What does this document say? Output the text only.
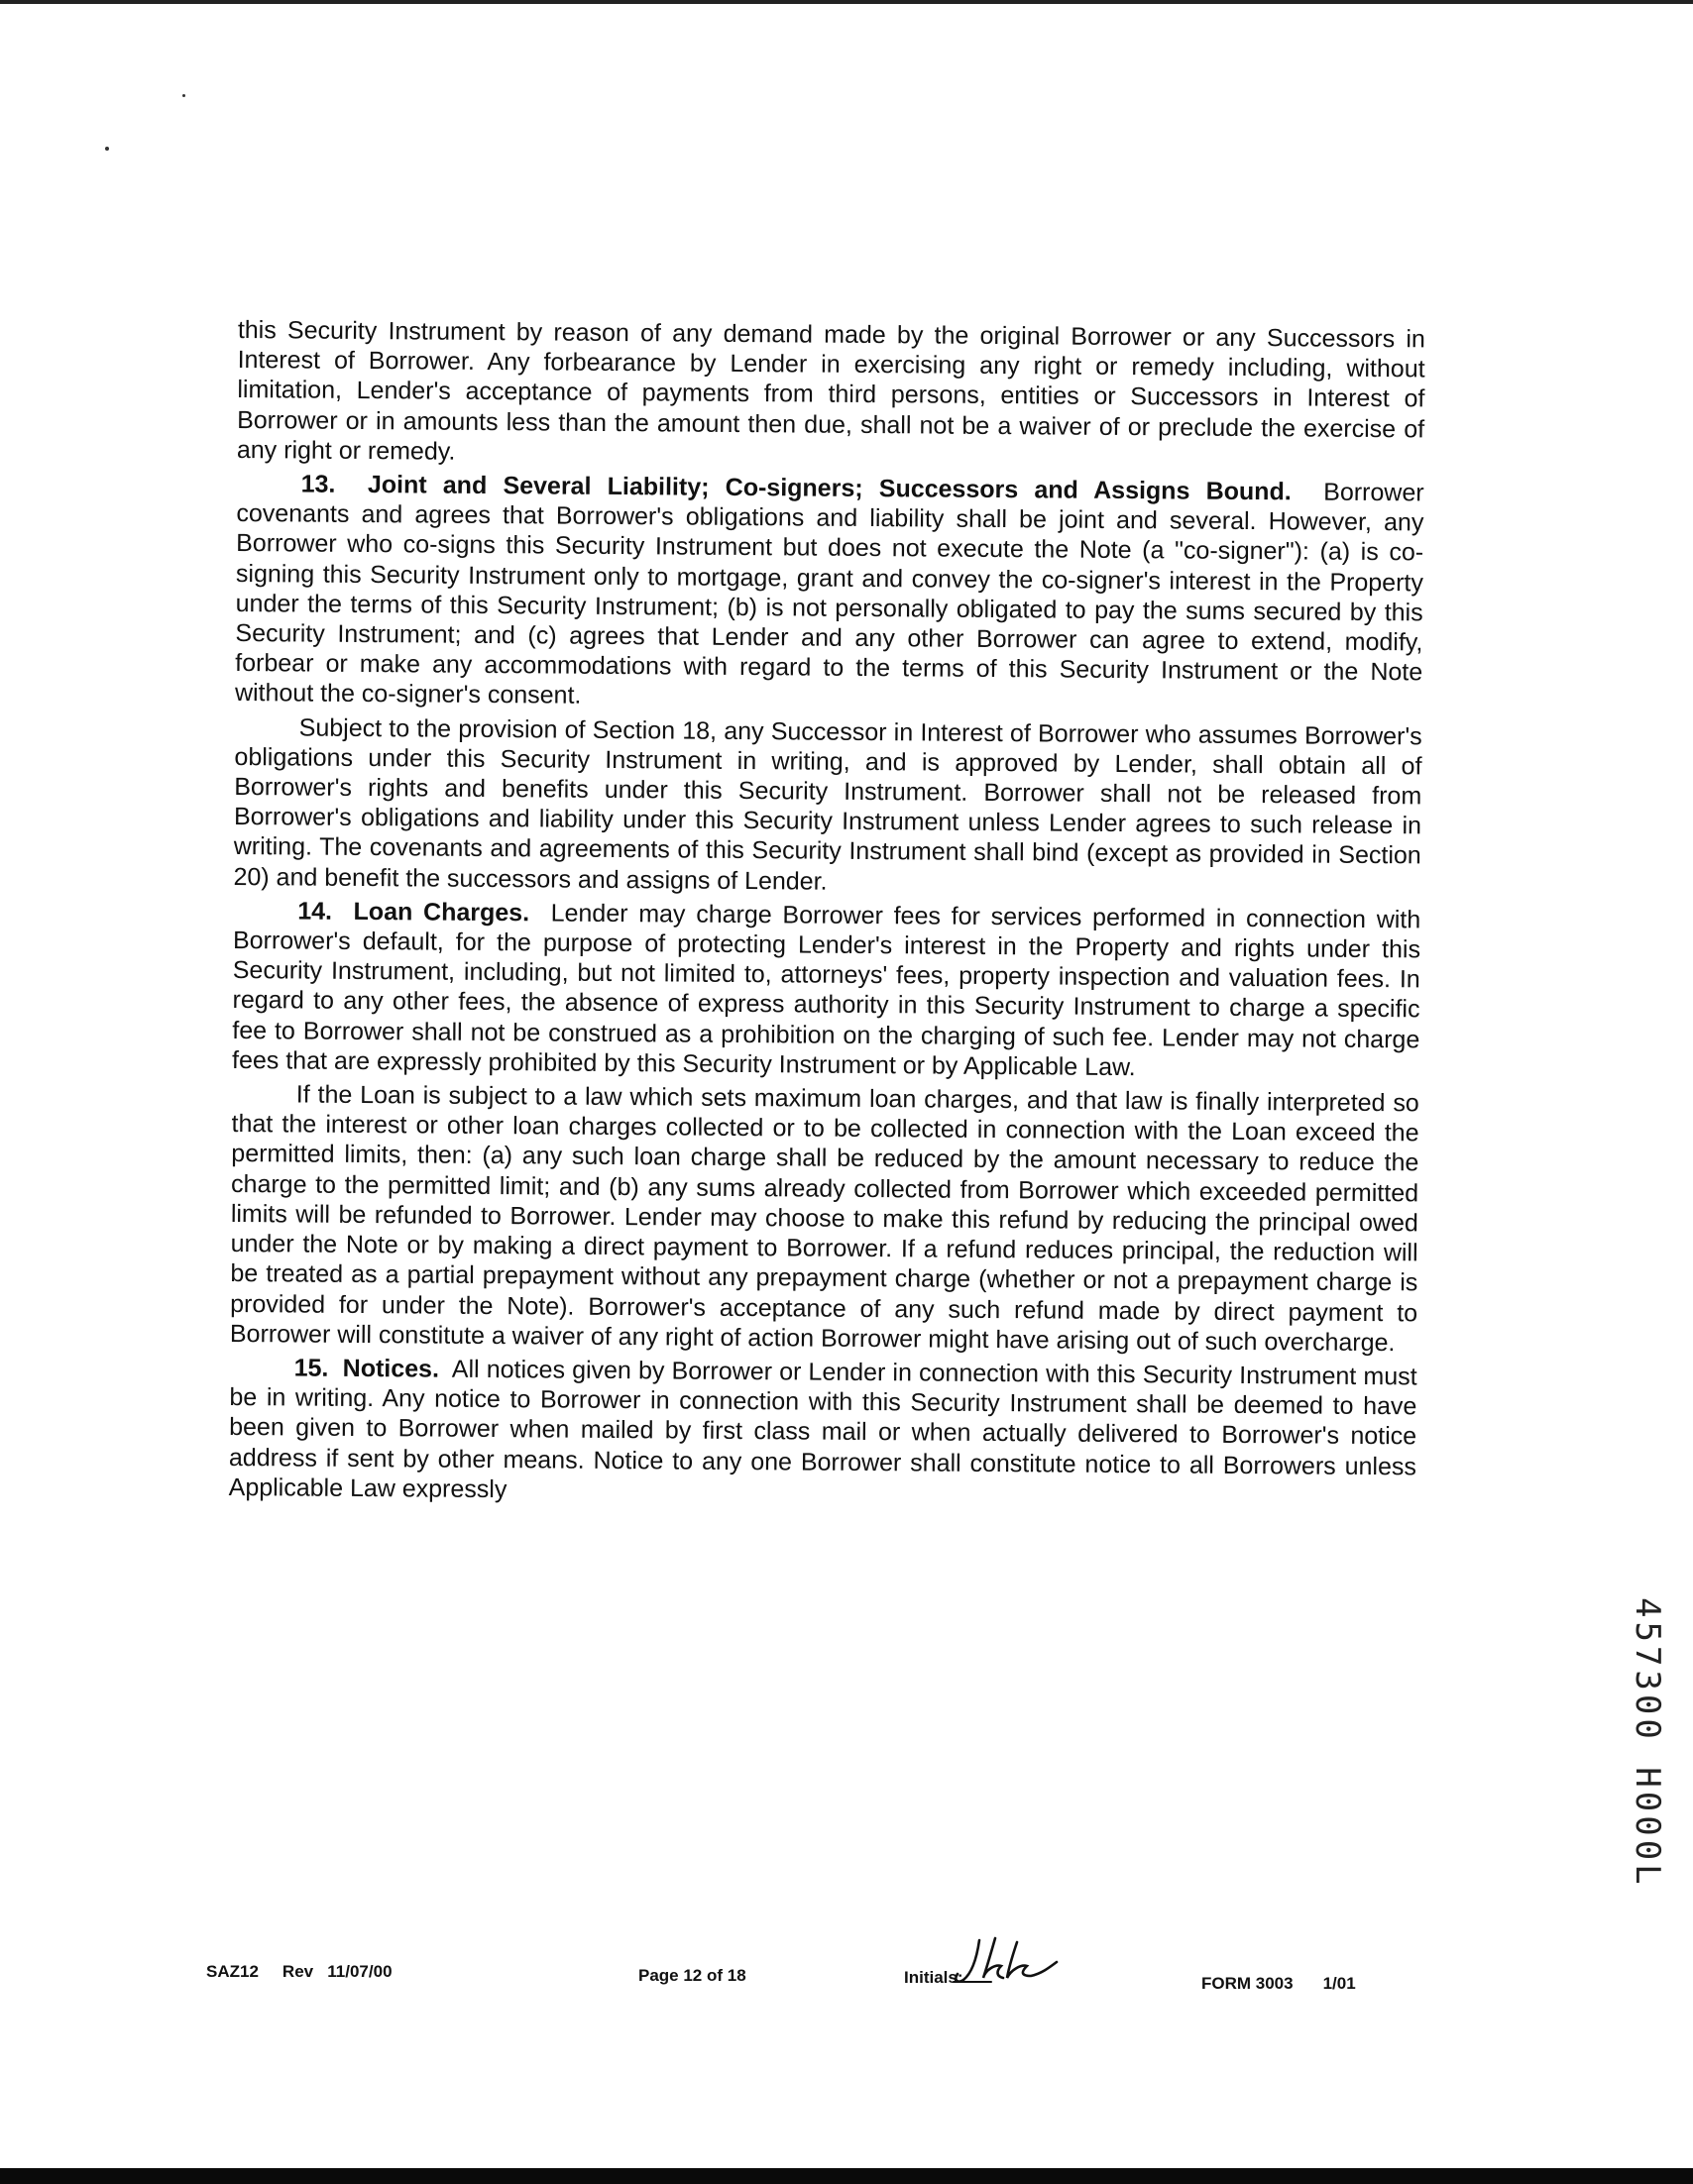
this Security Instrument by reason of any demand made by the original Borrower or any Successors in Interest of Borrower. Any forbearance by Lender in exercising any right or remedy including, without limitation, Lender's acceptance of payments from third persons, entities or Successors in Interest of Borrower or in amounts less than the amount then due, shall not be a waiver of or preclude the exercise of any right or remedy.

13. Joint and Several Liability; Co-signers; Successors and Assigns Bound. Borrower covenants and agrees that Borrower's obligations and liability shall be joint and several. However, any Borrower who co-signs this Security Instrument but does not execute the Note (a "co-signer"): (a) is co-signing this Security Instrument only to mortgage, grant and convey the co-signer's interest in the Property under the terms of this Security Instrument; (b) is not personally obligated to pay the sums secured by this Security Instrument; and (c) agrees that Lender and any other Borrower can agree to extend, modify, forbear or make any accommodations with regard to the terms of this Security Instrument or the Note without the co-signer's consent.

Subject to the provision of Section 18, any Successor in Interest of Borrower who assumes Borrower's obligations under this Security Instrument in writing, and is approved by Lender, shall obtain all of Borrower's rights and benefits under this Security Instrument. Borrower shall not be released from Borrower's obligations and liability under this Security Instrument unless Lender agrees to such release in writing. The covenants and agreements of this Security Instrument shall bind (except as provided in Section 20) and benefit the successors and assigns of Lender.

14. Loan Charges. Lender may charge Borrower fees for services performed in connection with Borrower's default, for the purpose of protecting Lender's interest in the Property and rights under this Security Instrument, including, but not limited to, attorneys' fees, property inspection and valuation fees. In regard to any other fees, the absence of express authority in this Security Instrument to charge a specific fee to Borrower shall not be construed as a prohibition on the charging of such fee. Lender may not charge fees that are expressly prohibited by this Security Instrument or by Applicable Law.

If the Loan is subject to a law which sets maximum loan charges, and that law is finally interpreted so that the interest or other loan charges collected or to be collected in connection with the Loan exceed the permitted limits, then: (a) any such loan charge shall be reduced by the amount necessary to reduce the charge to the permitted limit; and (b) any sums already collected from Borrower which exceeded permitted limits will be refunded to Borrower. Lender may choose to make this refund by reducing the principal owed under the Note or by making a direct payment to Borrower. If a refund reduces principal, the reduction will be treated as a partial prepayment without any prepayment charge (whether or not a prepayment charge is provided for under the Note). Borrower's acceptance of any such refund made by direct payment to Borrower will constitute a waiver of any right of action Borrower might have arising out of such overcharge.

15. Notices. All notices given by Borrower or Lender in connection with this Security Instrument must be in writing. Any notice to Borrower in connection with this Security Instrument shall be deemed to have been given to Borrower when mailed by first class mail or when actually delivered to Borrower's notice address if sent by other means. Notice to any one Borrower shall constitute notice to all Borrowers unless Applicable Law expressly

457300 H000L
SAZ12 Rev 11/07/00	Page 12 of 18	Initials:	FORM 3003 1/01
